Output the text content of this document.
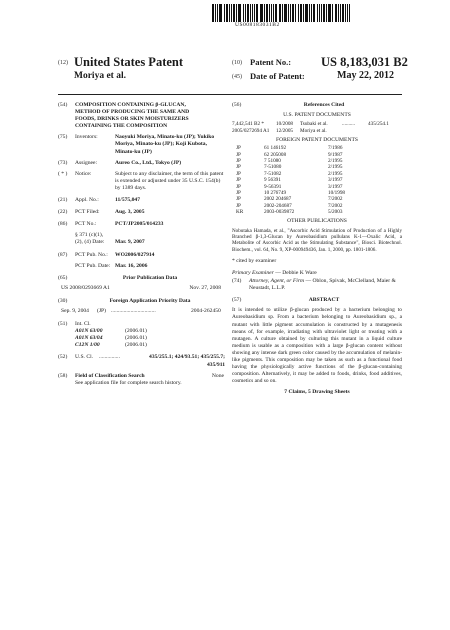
US008183031B2
(12) United States Patent
Moriya et al.
(10) Patent No.: US 8,183,031 B2
(45) Date of Patent:	May 22, 2012
(54)	COMPOSITION CONTAINING β-GLUCAN, METHOD OF PRODUCING THE SAME AND FOODS, DRINKS OR SKIN MOISTURIZERS CONTAINING THE COMPOSITION
(75)	Inventors:	Naoyuki Moriya, Minato-ku (JP); Yukiko Moriya, Minato-ku (JP); Koji Kubota, Minato-ku (JP)
(73)	Assignee:	Aureo Co., Ltd., Tokyo (JP)
( * )	Notice:	Subject to any disclaimer, the term of this patent is extended or adjusted under 35 U.S.C. 154(b) by 1389 days.
(21)	Appl. No.:	11/575,047
(22)	PCT Filed:	Aug. 3, 2005
(86)	PCT No.:	PCT/JP2005/014233
§ 371 (c)(1),
(2), (4) Date:	Mar. 9, 2007
(87)	PCT Pub. No.:	WO2006/027914
PCT Pub. Date: Mar. 16, 2006
(65)	Prior Publication Data
US 2008/0293669 A1	Nov. 27, 2008
(30)	Foreign Application Priority Data
Sep. 9, 2004	(JP) ................................	2004-262450
(51)	Int. Cl.
A01N 63/00	(2006.01)
A01N 63/04	(2006.01)
C12N 1/00	(2006.01)
(52)	U.S. Cl.	...............	435/255.1; 424/93.51; 435/255.7; 435/911
(58)	Field of Classification Search	None
See application file for complete search history.
(56)	References Cited
U.S. PATENT DOCUMENTS
7,442,541 B2 *	10/2008	Tsubaki et al.	..........	435/254.1
2005/0272694 A1	12/2005	Moriya et al.		
FOREIGN PATENT DOCUMENTS
JP	61 146192	7/1986
JP	62 205008	9/1987
JP	7 51080	2/1995
JP	7-51080	2/1995
JP	7-51082	2/1995
JP	9 56391	3/1997
JP	9-56391	3/1997
JP	10 276749	10/1998
JP	2002 204687	7/2002
JP	2002-204687	7/2002
KR	2003-0039872	5/2003
OTHER PUBLICATIONS
Nobutaka Hamada, et al., "Ascorbic Acid Stimulation of Production of a Highly Branched β-1,3-Glucan by Aureobasidium pullulans K-1—Oxalic Acid, a Metabolite of Ascorbic Acid as the Stimulating Substance", Biosci. Biotechnol. Biochem., vol. 64, No. 9, XP-000949436, Jan. 1, 2000, pp. 1801-1806.
* cited by examiner
Primary Examiner — Debbie K Ware
(74)	Attorney, Agent, or Firm — Oblon, Spivak, McClelland, Maier & Neustadt, L.L.P.
(57)	ABSTRACT
It is intended to utilize β-glucan produced by a bacterium belonging to Aureobasidium sp. From a bacterium belonging to Aureobasidium sp., a mutant with little pigment accumulation is constructed by a mutagenesis means of, for example, irradiating with ultraviolet light or treating with a mutagen. A culture obtained by culturing this mutant in a liquid culture medium is usable as a composition with a large β-glucan content without showing any intense dark green color caused by the accumulation of melanin-like pigments. This composition may be taken as such as a functional food having the physiologically active functions of the β-glucan-containing composition. Alternatively, it may be added to foods, drinks, food additives, cosmetics and so on.
7 Claims, 5 Drawing Sheets
